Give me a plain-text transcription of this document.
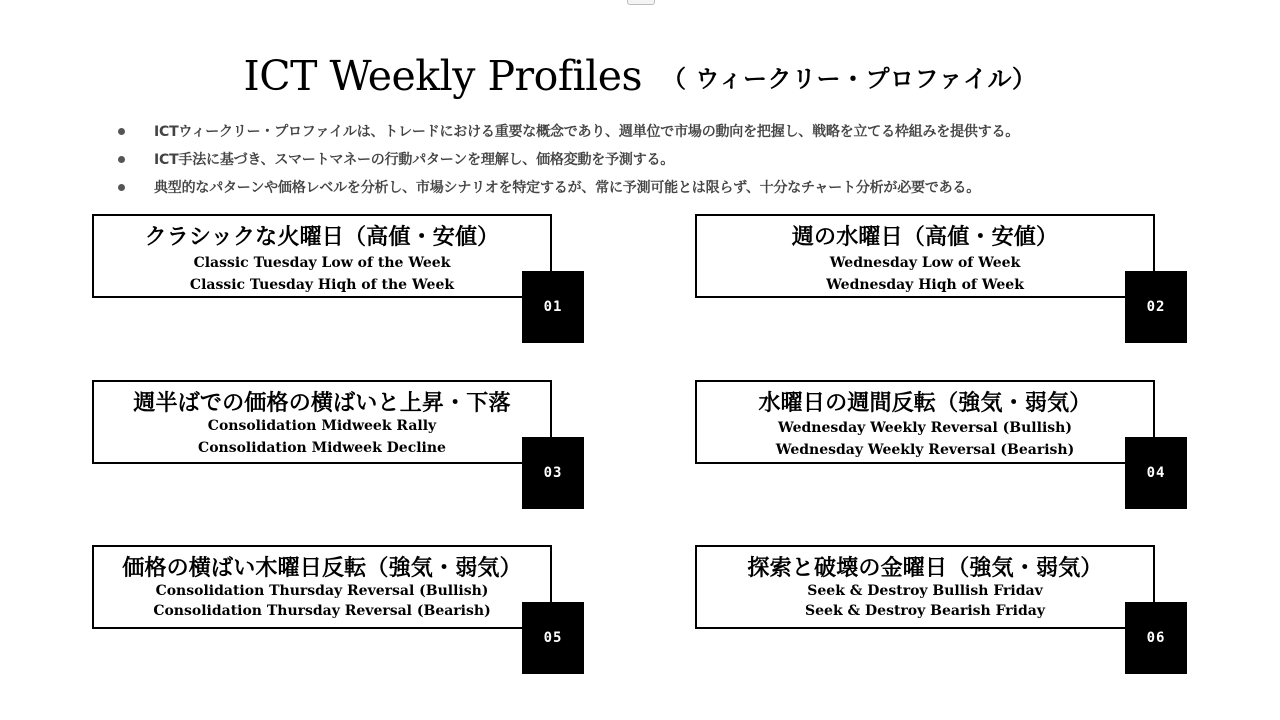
ICT Weekly Profiles （ ウィークリー・プロファイル）
ICTウィークリー・プロファイルは、トレードにおける重要な概念であり、週単位で市場の動向を把握し、戦略を立てる枠組みを提供する。
ICT手法に基づき、スマートマネーの行動パターンを理解し、価格変動を予測する。
典型的なパターンや価格レベルを分析し、市場シナリオを特定するが、常に予測可能とは限らず、十分なチャート分析が必要である。
クラシックな火曜日（高値・安値）
Classic Tuesday Low of the Week
Classic Tuesday Hiqh of the Week
01
週の水曜日（高値・安値）
Wednesday Low of Week
Wednesday Hiqh of Week
02
週半ばでの価格の横ばいと上昇・下落
Consolidation Midweek Rally
Consolidation Midweek Decline
03
水曜日の週間反転（強気・弱気）
Wednesday Weekly Reversal (Bullish)
Wednesday Weekly Reversal (Bearish)
04
価格の横ばい木曜日反転（強気・弱気）
Consolidation Thursday Reversal (Bullish)
Consolidation Thursday Reversal (Bearish)
05
探索と破壊の金曜日（強気・弱気）
Seek & Destroy Bullish Fridav
Seek & Destroy Bearish Friday
06
